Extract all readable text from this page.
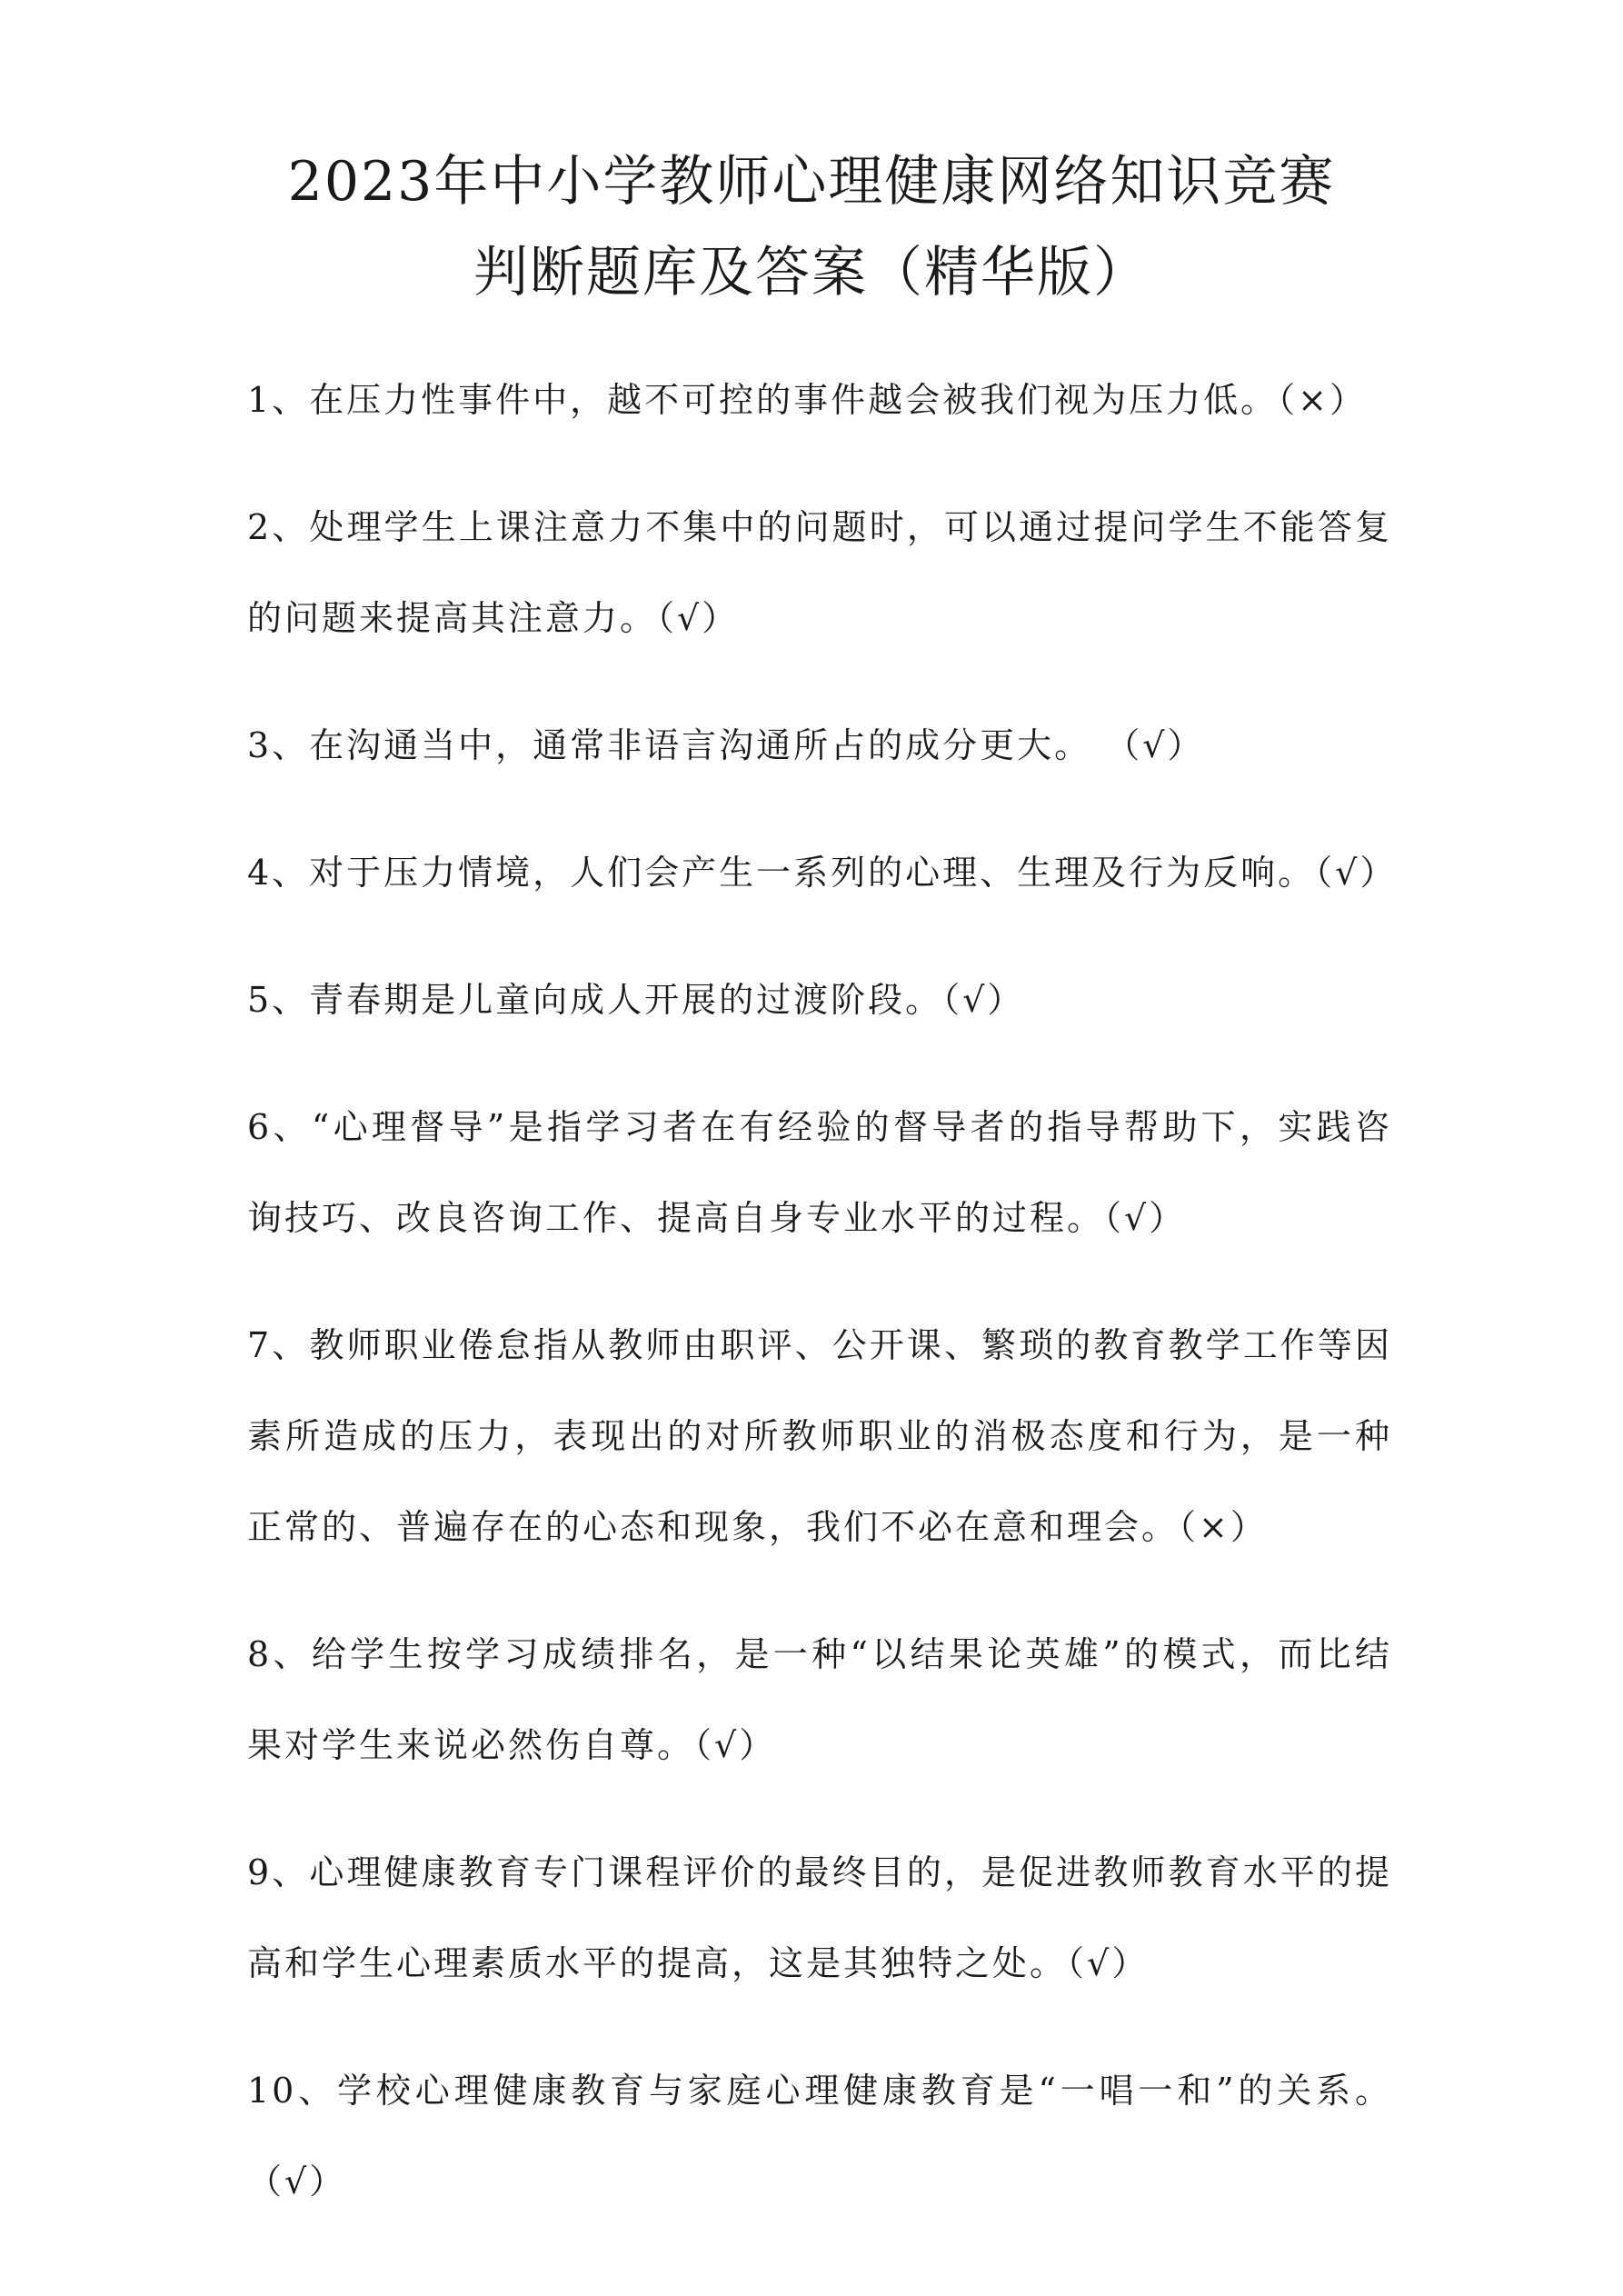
2023年中小学教师心理健康网络知识竞赛
判断题库及答案（精华版）
1、在压力性事件中，越不可控的事件越会被我们视为压力低。（×）
2、处理学生上课注意力不集中的问题时，可以通过提问学生不能答复的问题来提高其注意力。（√）
3、在沟通当中，通常非语言沟通所占的成分更大。 （√）
4、对于压力情境，人们会产生一系列的心理、生理及行为反响。（√）
5、青春期是儿童向成人开展的过渡阶段。（√）
6、“心理督导”是指学习者在有经验的督导者的指导帮助下，实践咨询技巧、改良咨询工作、提高自身专业水平的过程。（√）
7、教师职业倦怠指从教师由职评、公开课、繁琐的教育教学工作等因素所造成的压力，表现出的对所教师职业的消极态度和行为，是一种正常的、普遍存在的心态和现象，我们不必在意和理会。（×）
8、给学生按学习成绩排名，是一种“以结果论英雄”的模式，而比结果对学生来说必然伤自尊。（√）
9、心理健康教育专门课程评价的最终目的，是促进教师教育水平的提高和学生心理素质水平的提高，这是其独特之处。（√）
10、学校心理健康教育与家庭心理健康教育是“一唱一和”的关系。（√）
